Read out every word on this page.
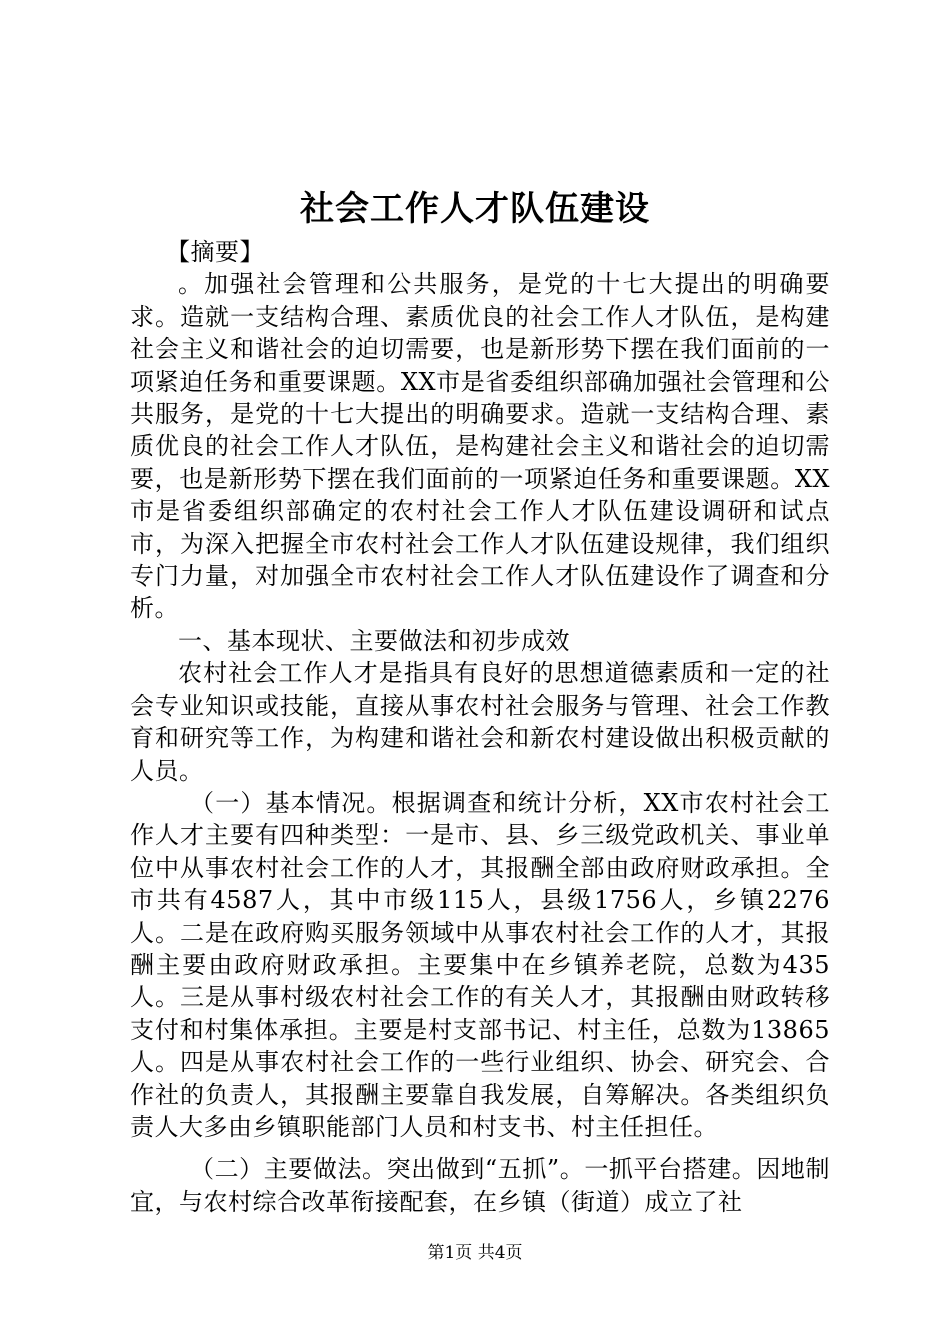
社会工作人才队伍建设

【摘要】

。加强社会管理和公共服务，是党的十七大提出的明确要求。造就一支结构合理、素质优良的社会工作人才队伍，是构建社会主义和谐社会的迫切需要，也是新形势下摆在我们面前的一项紧迫任务和重要课题。XX市是省委组织部确加强社会管理和公共服务，是党的十七大提出的明确要求。造就一支结构合理、素质优良的社会工作人才队伍，是构建社会主义和谐社会的迫切需要，也是新形势下摆在我们面前的一项紧迫任务和重要课题。XX市是省委组织部确定的农村社会工作人才队伍建设调研和试点市，为深入把握全市农村社会工作人才队伍建设规律，我们组织专门力量，对加强全市农村社会工作人才队伍建设作了调查和分析。

一、基本现状、主要做法和初步成效

农村社会工作人才是指具有良好的思想道德素质和一定的社会专业知识或技能，直接从事农村社会服务与管理、社会工作教育和研究等工作，为构建和谐社会和新农村建设做出积极贡献的人员。

（一）基本情况。根据调查和统计分析，XX市农村社会工作人才主要有四种类型：一是市、县、乡三级党政机关、事业单位中从事农村社会工作的人才，其报酬全部由政府财政承担。全市共有4587人，其中市级115人，县级1756人，乡镇2276人。二是在政府购买服务领域中从事农村社会工作的人才，其报酬主要由政府财政承担。主要集中在乡镇养老院，总数为435人。三是从事村级农村社会工作的有关人才，其报酬由财政转移支付和村集体承担。主要是村支部书记、村主任，总数为13865人。四是从事农村社会工作的一些行业组织、协会、研究会、合作社的负责人，其报酬主要靠自我发展，自筹解决。各类组织负责人大多由乡镇职能部门人员和村支书、村主任担任。

（二）主要做法。突出做到“五抓”。一抓平台搭建。因地制宜，与农村综合改革衔接配套，在乡镇（街道）成立了社

第1页 共4页
